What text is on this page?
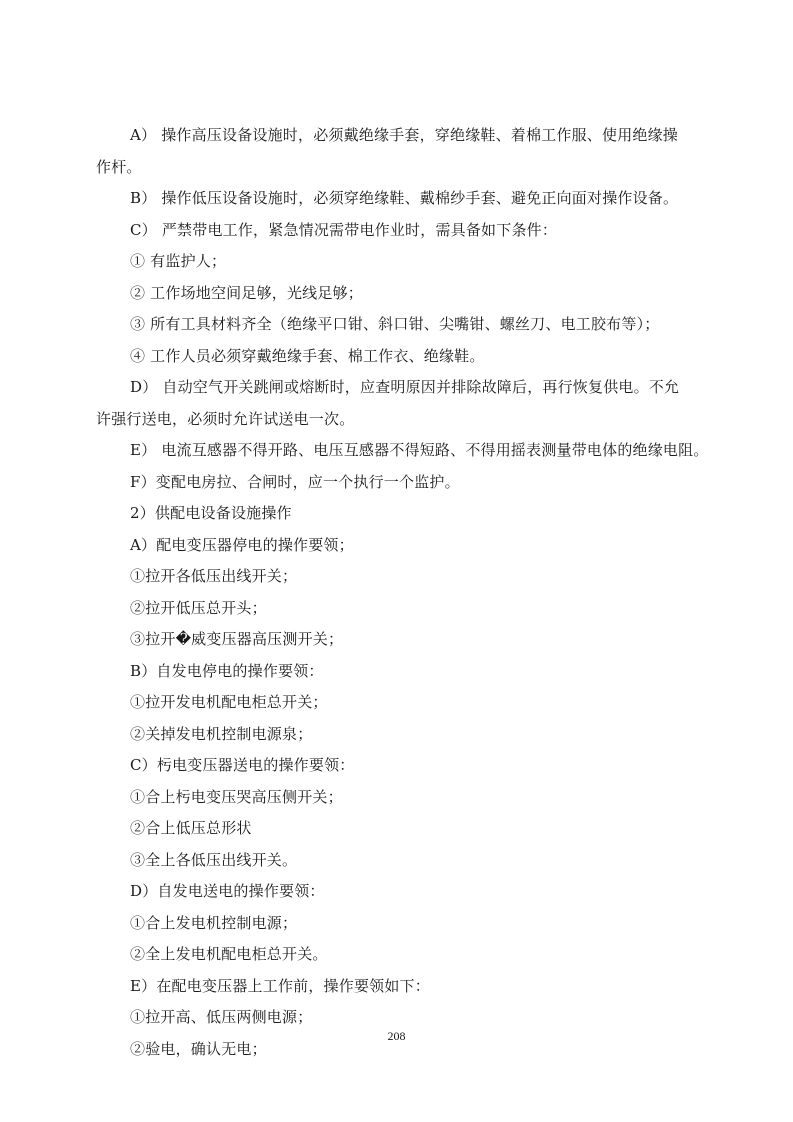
A） 操作高压设备设施时，必须戴绝缘手套，穿绝缘鞋、着棉工作服、使用绝缘操
作杆。
B） 操作低压设备设施时，必须穿绝缘鞋、戴棉纱手套、避免正向面对操作设备。
C） 严禁带电工作，紧急情况需带电作业时，需具备如下条件：
① 有监护人；
② 工作场地空间足够，光线足够；
③ 所有工具材料齐全（绝缘平口钳、斜口钳、尖嘴钳、螺丝刀、电工胶布等）；
④ 工作人员必须穿戴绝缘手套、棉工作衣、绝缘鞋。
D） 自动空气开关跳闸或熔断时，应查明原因并排除故障后，再行恢复供电。不允
许强行送电，必须时允许试送电一次。
E） 电流互感器不得开路、电压互感器不得短路、不得用摇表测量带电体的绝缘电阻。
F）变配电房拉、合闸时，应一个执行一个监护。
2）供配电设备设施操作
A）配电变压器停电的操作要领；
①拉开各低压出线开关；
②拉开低压总开头；
③拉开�威变压器高压测开关；
B）自发电停电的操作要领：
①拉开发电机配电柜总开关；
②关掉发电机控制电源泉；
C）杇电变压器送电的操作要领：
①合上杇电变压哭高压侧开关；
②合上低压总形状
③全上各低压出线开关。
D）自发电送电的操作要领：
①合上发电机控制电源；
②全上发电机配电柜总开关。
E）在配电变压器上工作前，操作要领如下：
①拉开高、低压两侧电源；
②验电，确认无电；
208
